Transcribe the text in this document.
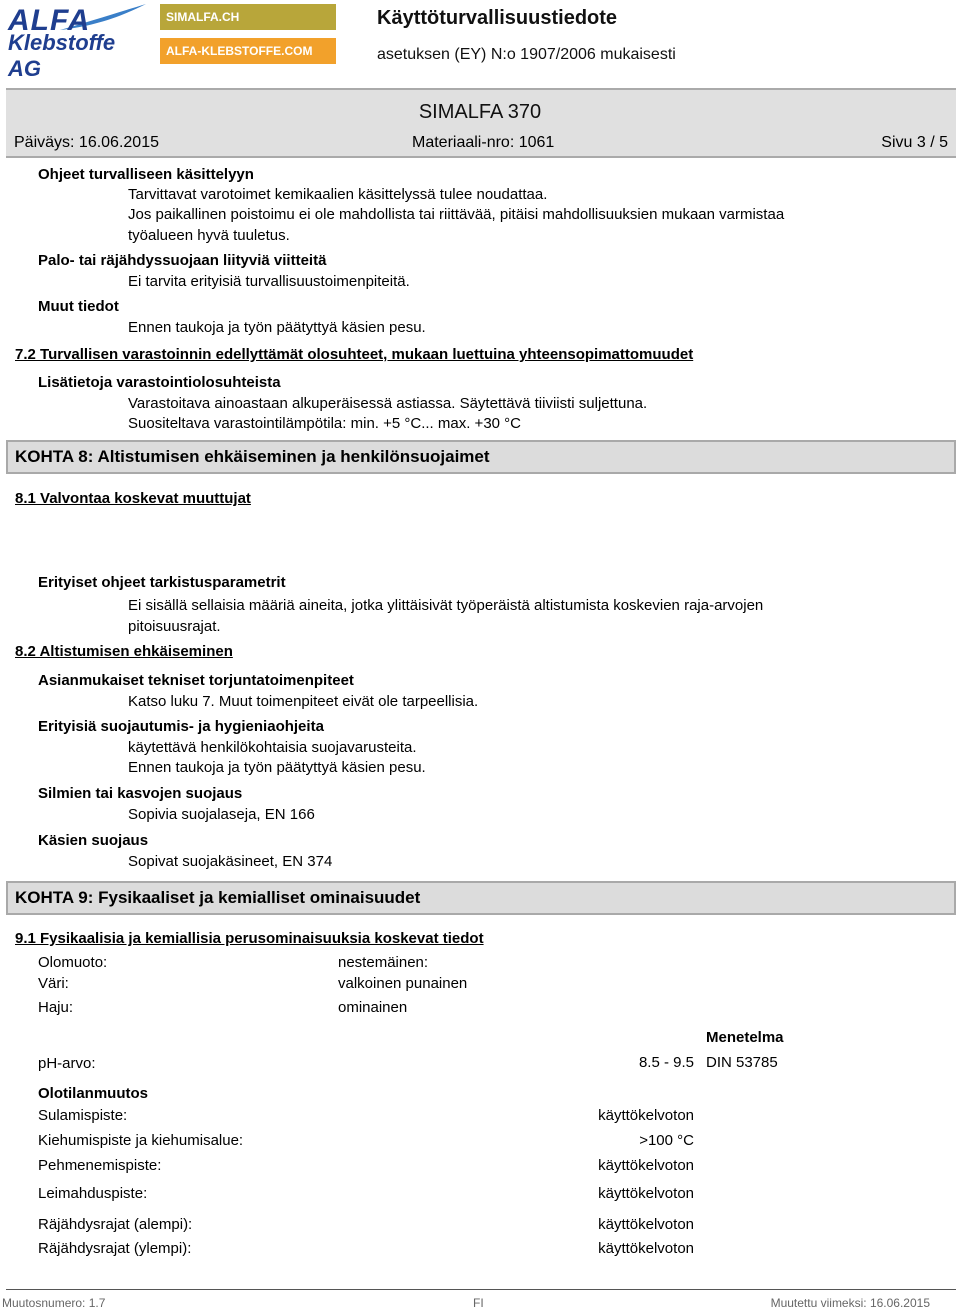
ALFA
Klebstoffe AG
SIMALFA.CH
ALFA-KLEBSTOFFE.COM
Käyttöturvallisuustiedote
asetuksen (EY) N:o 1907/2006 mukaisesti
SIMALFA 370
Päiväys: 16.06.2015	Materiaali-nro: 1061	Sivu 3 / 5
Ohjeet turvalliseen käsittelyyn
Tarvittavat varotoimet kemikaalien käsittelyssä tulee noudattaa.
Jos paikallinen poistoimu ei ole mahdollista tai riittävää, pitäisi mahdollisuuksien mukaan varmistaa
työalueen hyvä tuuletus.
Palo- tai räjähdyssuojaan liityviä viitteitä
Ei tarvita erityisiä turvallisuustoimenpiteitä.
Muut tiedot
Ennen taukoja ja työn päätyttyä käsien pesu.
7.2 Turvallisen varastoinnin edellyttämät olosuhteet, mukaan luettuina yhteensopimattomuudet
Lisätietoja varastointiolosuhteista
Varastoitava ainoastaan alkuperäisessä astiassa. Säytettävä tiiviisti suljettuna.
Suositeltava varastointilämpötila: min. +5 °C... max. +30 °C
KOHTA 8: Altistumisen ehkäiseminen ja henkilönsuojaimet
8.1 Valvontaa koskevat muuttujat
Erityiset ohjeet tarkistusparametrit
Ei sisällä sellaisia määriä aineita, jotka ylittäisivät työperäistä altistumista koskevien raja-arvojen
pitoisuusrajat.
8.2 Altistumisen ehkäiseminen
Asianmukaiset tekniset torjuntatoimenpiteet
Katso luku 7. Muut toimenpiteet eivät ole tarpeellisia.
Erityisiä suojautumis- ja hygieniaohjeita
käytettävä henkilökohtaisia suojavarusteita.
Ennen taukoja ja työn päätyttyä käsien pesu.
Silmien tai kasvojen suojaus
Sopivia suojalaseja, EN 166
Käsien suojaus
Sopivat suojakäsineet, EN 374
KOHTA 9: Fysikaaliset ja kemialliset ominaisuudet
9.1 Fysikaalisia ja kemiallisia perusominaisuuksia koskevat tiedot
Olomuoto:	nestemäinen:
Väri:	valkoinen punainen
Haju:	ominainen
Menetelma
pH-arvo:	8.5 - 9.5 DIN 53785
Olotilanmuutos
Sulamispiste:	käyttökelvoton
Kiehumispiste ja kiehumisalue:	>100 °C
Pehmenemispiste:	käyttökelvoton
Leimahduspiste:	käyttökelvoton
Räjähdysrajat (alempi):	käyttökelvoton
Räjähdysrajat (ylempi):	käyttökelvoton
Muutosnumero: 1.7	FI	Muutettu viimeksi: 16.06.2015
